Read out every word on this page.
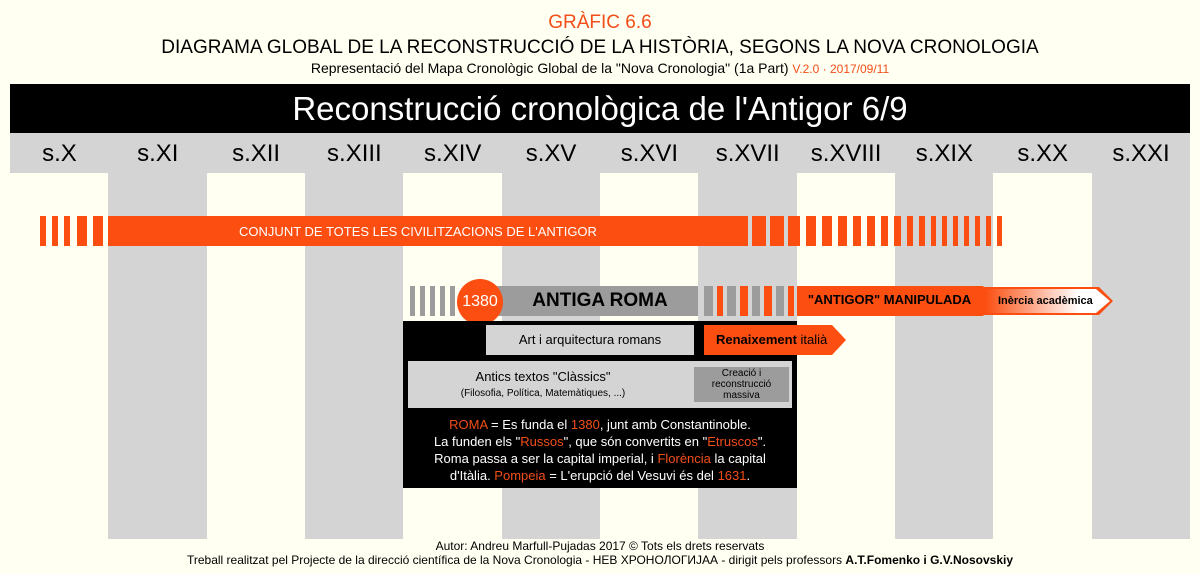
GRÀFIC 6.6
DIAGRAMA GLOBAL DE LA RECONSTRUCCIÓ DE LA HISTÒRIA, SEGONS LA NOVA CRONOLOGIA
Representació del Mapa Cronològic Global de la "Nova Cronologia" (1a Part) V.2.0 · 2017/09/11
s.X	s.XI	s.XII	s.XIII	s.XIV	s.XV	s.XVI	s.XVII	s.XVIII	s.XIX	s.XX	s.XXI
Reconstrucció cronològica de l'Antigor 6/9
CONJUNT DE TOTES LES CIVILITZACIONS DE L'ANTIGOR
ANTIGA ROMA
1380	"ANTIGOR" MANIPULADA	Inèrcia acadèmica
Art i arquitectura romans
Antics textos "Clàssics"
(Filosofia, Política, Matemàtiques, ...)
Creació i reconstrucció massiva
ROMA = Es funda el 1380, junt amb Constantinoble.
La funden els "Russos", que són convertits en "Etruscos".
Roma passa a ser la capital imperial, i Florència la capital
d'Itàlia. Pompeia = L'erupció del Vesuvi és del 1631.
Renaixement italià
Autor: Andreu Marfull-Pujadas 2017 © Tots els drets reservats
Treball realitzat pel Projecte de la direcció científica de la Nova Cronologia - НЕВ ХРОНОЛОГИJАА - dirigit pels professors A.T.Fomenko i G.V.Nosovskiy
